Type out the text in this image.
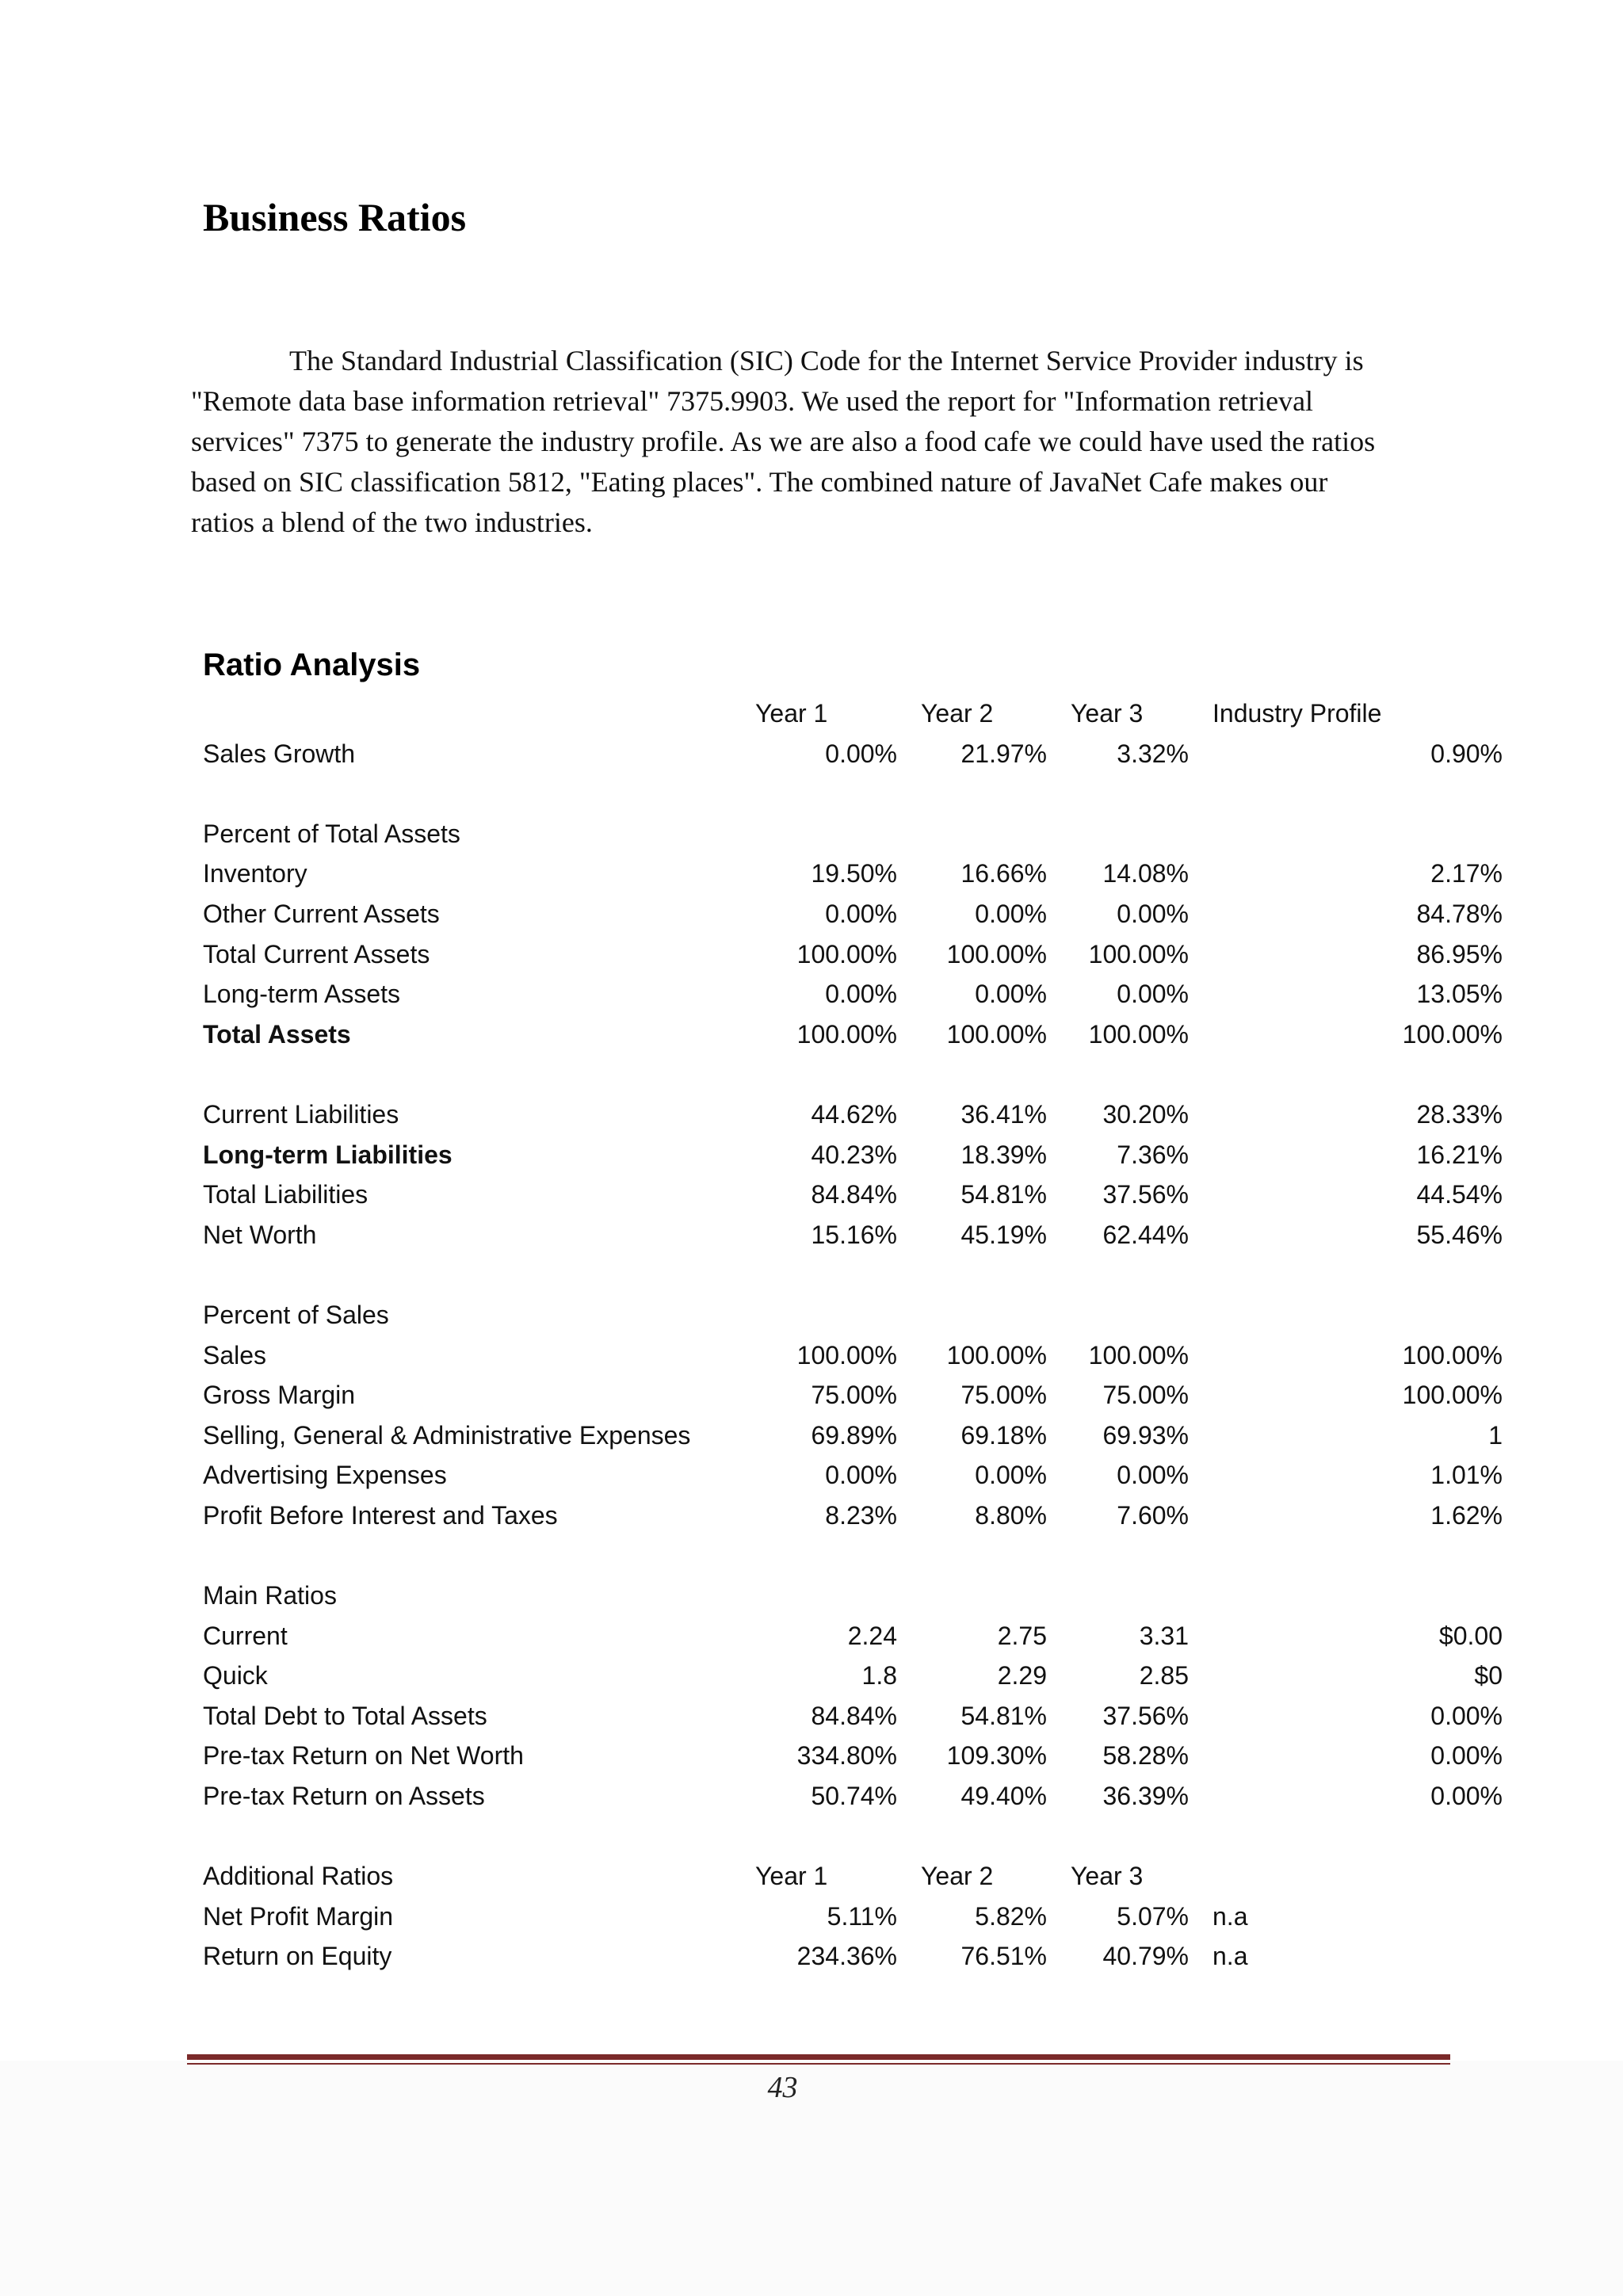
Business Ratios
The Standard Industrial Classification (SIC) Code for the Internet Service Provider industry is
"Remote data base information retrieval" 7375.9903. We used the report for "Information retrieval
services" 7375 to generate the industry profile. As we are also a food cafe we could have used the ratios
based on SIC classification 5812, "Eating places". The combined nature of JavaNet Cafe makes our
ratios a blend of the two industries.
Ratio Analysis
Year 1	Year 2	Year 3	Industry Profile
Sales Growth	0.00%	21.97%	3.32%	0.90%
Percent of Total Assets
Inventory	19.50%	16.66% 14.08%	2.17%
Other Current Assets	0.00%	0.00%	0.00%	84.78%
Total Current Assets	100.00% 100.00% 100.00%	86.95%
Long-term Assets	0.00%	0.00%	0.00%	13.05%
Total Assets	100.00% 100.00% 100.00%	100.00%
Current Liabilities	44.62%	36.41% 30.20%	28.33%
Long-term Liabilities	40.23%	18.39%	7.36%	16.21%
Total Liabilities	84.84%	54.81% 37.56%	44.54%
Net Worth	15.16%	45.19% 62.44%	55.46%
Percent of Sales
Sales	100.00% 100.00% 100.00%	100.00%
Gross Margin	75.00%	75.00% 75.00%	100.00%
Selling, General & Administrative Expenses	69.89%	69.18% 69.93%	1
Advertising Expenses	0.00%	0.00%	0.00%	1.01%
Profit Before Interest and Taxes	8.23%	8.80%	7.60%	1.62%
Main Ratios
Current	2.24	2.75	3.31	$0.00
Quick	1.8	2.29	2.85	$0
Total Debt to Total Assets	84.84%	54.81% 37.56%	0.00%
Pre-tax Return on Net Worth	334.80% 109.30% 58.28%	0.00%
Pre-tax Return on Assets	50.74%	49.40% 36.39%	0.00%
Additional Ratios	Year 1	Year 2	Year 3
Net Profit Margin	5.11%	5.82%	5.07% n.a
Return on Equity	234.36%	76.51% 40.79% n.a
43
